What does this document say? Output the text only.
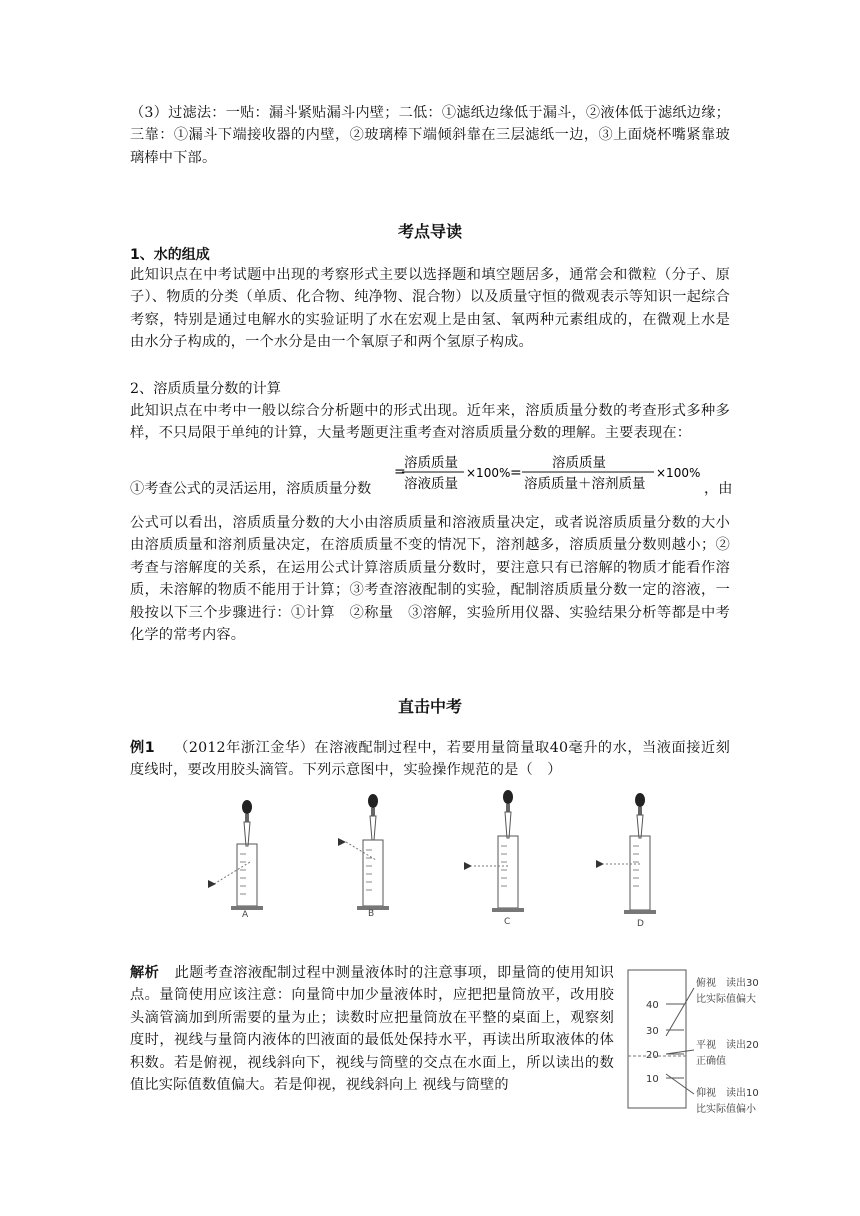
（3）过滤法：一贴：漏斗紧贴漏斗内壁；二低：①滤纸边缘低于漏斗，②液体低于滤纸边缘；三靠：①漏斗下端接收器的内壁，②玻璃棒下端倾斜靠在三层滤纸一边，③上面烧杯嘴紧靠玻璃棒中下部。
考点导读
1、水的组成
此知识点在中考试题中出现的考察形式主要以选择题和填空题居多，通常会和微粒（分子、原子）、物质的分类（单质、化合物、纯净物、混合物）以及质量守恒的微观表示等知识一起综合考察，特别是通过电解水的实验证明了水在宏观上是由氢、氧两种元素组成的，在微观上水是由水分子构成的，一个水分是由一个氧原子和两个氢原子构成。
2、溶质质量分数的计算
此知识点在中考中一般以综合分析题中的形式出现。近年来，溶质质量分数的考查形式多种多样，不只局限于单纯的计算，大量考题更注重考查对溶质质量分数的理解。主要表现在：
①考查公式的灵活运用，溶质质量分数
=
溶质质量
溶液质量
×100% =
溶质质量
溶质质量＋溶剂质量
×100%
，由
公式可以看出，溶质质量分数的大小由溶质质量和溶液质量决定，或者说溶质质量分数的大小由溶质质量和溶剂质量决定，在溶质质量不变的情况下，溶剂越多，溶质质量分数则越小；②考查与溶解度的关系，在运用公式计算溶质质量分数时，要注意只有已溶解的物质才能看作溶质，未溶解的物质不能用于计算；③考查溶液配制的实验，配制溶质质量分数一定的溶液，一般按以下三个步骤进行：①计算　②称量　③溶解，实验所用仪器、实验结果分析等都是中考化学的常考内容。
直击中考
例1 （2012年浙江金华）在溶液配制过程中，若要用量筒量取40毫升的水，当液面接近刻度线时，要改用胶头滴管。下列示意图中，实验操作规范的是（　）
A	B
C	D
解析 此题考查溶液配制过程中测量液体时的注意事项，即量筒的使用知识点。量筒使用应该注意：向量筒中加少量液体时，应把把量筒放平，改用胶头滴管滴加到所需要的量为止；读数时应把量筒放在平整的桌面上，观察刻度时，视线与量筒内液体的凹液面的最低处保持水平，再读出所取液体的体积数。若是俯视，视线斜向下，视线与筒壁的交点在水面上，所以读出的数值比实际值数值偏大。若是仰视，视线斜向上 视线与筒壁的
40
30
20
10
俯视　读出30
比实际值偏大
平视　读出20
正确值
仰视　读出10
比实际值偏小
